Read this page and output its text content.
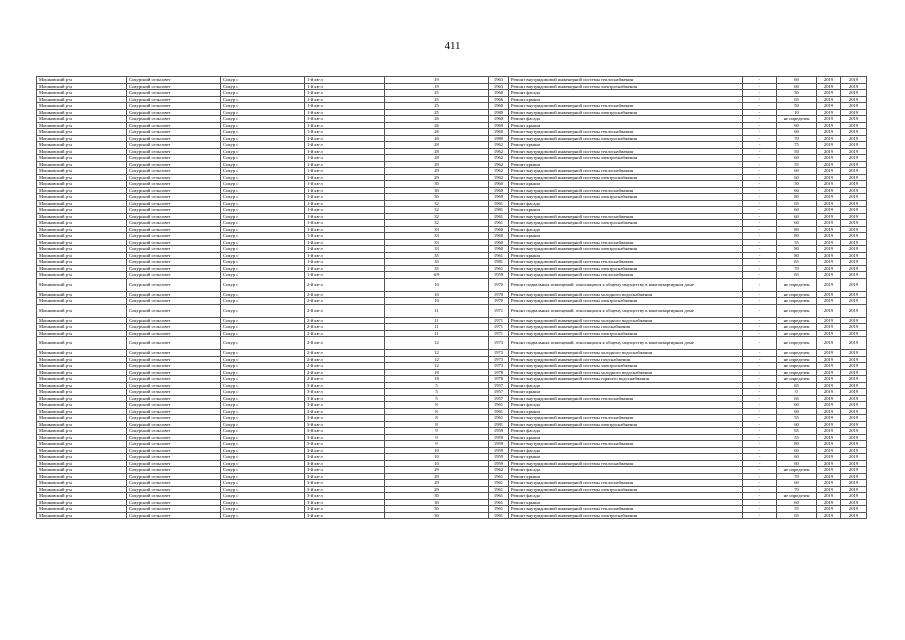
411
Мошковский р-н	Сокурский сельсовет	Сокур с	1-й кв-л	19	1963	Ремонт внутридомовой инженерной системы теплоснабжения	-	60	2019	2019
Мошковский р-н	Сокурский сельсовет	Сокур с	1-й кв-л	19	1963	Ремонт внутридомовой инженерной системы электроснабжения	-	60	2019	2019
Мошковский р-н	Сокурский сельсовет	Сокур с	1-й кв-л	25	1960	Ремонт фасада	-	30	2019	2019
Мошковский р-н	Сокурский сельсовет	Сокур с	1-й кв-л	25	1966	Ремонт крыши	-	65	2019	2019
Мошковский р-н	Сокурский сельсовет	Сокур с	1-й кв-л	25	1960	Ремонт внутридомовой инженерной системы теплоснабжения	-	50	2019	2019
Мошковский р-н	Сокурский сельсовет	Сокур с	1-й кв-л	25	1980	Ремонт внутридомовой инженерной системы электроснабжения	-	10	2019	2019
Мошковский р-н	Сокурский сельсовет	Сокур с	1-й кв-л	26	1960	Ремонт фасада	-	не определен	2019	2019
Мошковский р-н	Сокурский сельсовет	Сокур с	1-й кв-л	26	1969	Ремонт крыши	-	60	2019	2019
Мошковский р-н	Сокурский сельсовет	Сокур с	1-й кв-л	26	1960	Ремонт внутридомовой инженерной системы теплоснабжения	-	60	2019	2019
Мошковский р-н	Сокурский сельсовет	Сокур с	1-й кв-л	26	1980	Ремонт внутридомовой инженерной системы электроснабжения	-	70	2019	2019
Мошковский р-н	Сокурский сельсовет	Сокур с	1-й кв-л	28	1962	Ремонт крыши	-	75	2019	2019
Мошковский р-н	Сокурский сельсовет	Сокур с	1-й кв-л	28	1962	Ремонт внутридомовой инженерной системы теплоснабжения	-	50	2019	2019
Мошковский р-н	Сокурский сельсовет	Сокур с	1-й кв-л	28	1962	Ремонт внутридомовой инженерной системы электроснабжения	-	60	2019	2019
Мошковский р-н	Сокурский сельсовет	Сокур с	1-й кв-л	29	1962	Ремонт крыши	-	55	2019	2019
Мошковский р-н	Сокурский сельсовет	Сокур с	1-й кв-л	29	1962	Ремонт внутридомовой инженерной системы теплоснабжения	-	60	2019	2019
Мошковский р-н	Сокурский сельсовет	Сокур с	1-й кв-л	29	1962	Ремонт внутридомовой инженерной системы электроснабжения	-	60	2019	2019
Мошковский р-н	Сокурский сельсовет	Сокур с	1-й кв-л	30	1960	Ремонт крыши	-	50	2019	2019
Мошковский р-н	Сокурский сельсовет	Сокур с	1-й кв-л	30	1960	Ремонт внутридомовой инженерной системы теплоснабжения	-	60	2019	2019
Мошковский р-н	Сокурский сельсовет	Сокур с	1-й кв-л	30	1969	Ремонт внутридомовой инженерной системы электроснабжения	-	80	2019	2019
Мошковский р-н	Сокурский сельсовет	Сокур с	1-й кв-л	32	1961	Ремонт фасада	-	65	2019	2019
Мошковский р-н	Сокурский сельсовет	Сокур с	1-й кв-л	32	1981	Ремонт крыши	-	60	2019	2019
Мошковский р-н	Сокурский сельсовет	Сокур с	1-й кв-л	32	1961	Ремонт внутридомовой инженерной системы теплоснабжения	-	60	2019	2019
Мошковский р-н	Сокурский сельсовет	Сокур с	1-й кв-л	32	1961	Ремонт внутридомовой инженерной системы электроснабжения	-	60	2019	2019
Мошковский р-н	Сокурский сельсовет	Сокур с	1-й кв-л	33	1960	Ремонт фасада	-	80	2019	2019
Мошковский р-н	Сокурский сельсовет	Сокур с	1-й кв-л	33	1960	Ремонт крыши	-	80	2019	2019
Мошковский р-н	Сокурский сельсовет	Сокур с	1-й кв-л	33	1960	Ремонт внутридомовой инженерной системы теплоснабжения	-	55	2019	2019
Мошковский р-н	Сокурский сельсовет	Сокур с	1-й кв-л	33	1960	Ремонт внутридомовой инженерной системы электроснабжения	-	80	2019	2019
Мошковский р-н	Сокурский сельсовет	Сокур с	1-й кв-л	35	1961	Ремонт крыши	-	80	2019	2019
Мошковский р-н	Сокурский сельсовет	Сокур с	1-й кв-л	35	1981	Ремонт внутридомовой инженерной системы теплоснабжения	-	65	2019	2019
Мошковский р-н	Сокурский сельсовет	Сокур с	1-й кв-л	35	1961	Ремонт внутридомовой инженерной системы электроснабжения	-	70	2019	2019
Мошковский р-н	Сокурский сельсовет	Сокур с	1-й кв-л	6/9	1959	Ремонт внутридомовой инженерной системы теплоснабжения	-	65	2019	2019
Мошковский р-н	Сокурский сельсовет	Сокур с	2-й кв-л	10	1970	Ремонт подвальных помещений, относящихся к общему имуществу в многоквартирном доме	-	не определен	2019	2019
Мошковский р-н	Сокурский сельсовет	Сокур с	2-й кв-л	10	1970	Ремонт внутридомовой инженерной системы холодного водоснабжения	-	не определен	2019	2019
Мошковский р-н	Сокурский сельсовет	Сокур с	2-й кв-л	10	1970	Ремонт внутридомовой инженерной системы электроснабжения	-	не определен	2019	2019
Мошковский р-н	Сокурский сельсовет	Сокур с	2-й кв-л	11	1971	Ремонт подвальных помещений, относящихся к общему имуществу в многоквартирном доме	-	не определен	2019	2019
Мошковский р-н	Сокурский сельсовет	Сокур с	2-й кв-л	11	1971	Ремонт внутридомовой инженерной системы холодного водоснабжения	-	не определен	2019	2019
Мошковский р-н	Сокурский сельсовет	Сокур с	2-й кв-л	11	1971	Ремонт внутридомовой инженерной системы газоснабжения	-	не определен	2019	2019
Мошковский р-н	Сокурский сельсовет	Сокур с	2-й кв-л	11	1971	Ремонт внутридомовой инженерной системы электроснабжения	-	не определен	2019	2019
Мошковский р-н	Сокурский сельсовет	Сокур с	2-й кв-л	12	1973	Ремонт подвальных помещений, относящихся к общему имуществу в многоквартирном доме	-	не определен	2019	2019
Мошковский р-н	Сокурский сельсовет	Сокур с	2-й кв-л	12	1973	Ремонт внутридомовой инженерной системы холодного водоснабжения	-	не определен	2019	2019
Мошковский р-н	Сокурский сельсовет	Сокур с	2-й кв-л	12	1973	Ремонт внутридомовой инженерной системы газоснабжения	-	не определен	2019	2019
Мошковский р-н	Сокурский сельсовет	Сокур с	2-й кв-л	12	1973	Ремонт внутридомовой инженерной системы электроснабжения	-	не определен	2019	2019
Мошковский р-н	Сокурский сельсовет	Сокур с	2-й кв-л	18	1978	Ремонт внутридомовой инженерной системы холодного водоснабжения	-	не определен	2019	2019
Мошковский р-н	Сокурский сельсовет	Сокур с	2-й кв-л	18	1978	Ремонт внутридомовой инженерной системы горячего водоснабжения	-	не определен	2019	2019
Мошковский р-н	Сокурский сельсовет	Сокур с	3-й кв-л	5	1957	Ремонт фасада	-	65	2019	2019
Мошковский р-н	Сокурский сельсовет	Сокур с	3-й кв-л	5	1957	Ремонт крыши	-	0	2019	2019
Мошковский р-н	Сокурский сельсовет	Сокур с	3-й кв-л	5	1957	Ремонт внутридомовой инженерной системы теплоснабжения	-	65	2019	2019
Мошковский р-н	Сокурский сельсовет	Сокур с	3-й кв-л	8	1961	Ремонт фасада	-	60	2019	2019
Мошковский р-н	Сокурский сельсовет	Сокур с	3-й кв-л	8	1961	Ремонт крыши	-	60	2019	2019
Мошковский р-н	Сокурский сельсовет	Сокур с	3-й кв-л	8	1961	Ремонт внутридомовой инженерной системы теплоснабжения	-	55	2019	2019
Мошковский р-н	Сокурский сельсовет	Сокур с	3-й кв-л	8	1981	Ремонт внутридомовой инженерной системы электроснабжения	-	60	2019	2019
Мошковский р-н	Сокурский сельсовет	Сокур с	3-й кв-л	9	1959	Ремонт фасада	-	65	2019	2019
Мошковский р-н	Сокурский сельсовет	Сокур с	3-й кв-л	9	1959	Ремонт крыши	-	55	2019	2019
Мошковский р-н	Сокурский сельсовет	Сокур с	3-й кв-л	9	1959	Ремонт внутридомовой инженерной системы теплоснабжения	-	80	2019	2019
Мошковский р-н	Сокурский сельсовет	Сокур с	3-й кв-л	10	1959	Ремонт фасада	-	60	2019	2019
Мошковский р-н	Сокурский сельсовет	Сокур с	3-й кв-л	10	1959	Ремонт крыши	-	60	2019	2019
Мошковский р-н	Сокурский сельсовет	Сокур с	3-й кв-л	10	1959	Ремонт внутридомовой инженерной системы теплоснабжения	-	60	2019	2019
Мошковский р-н	Сокурский сельсовет	Сокур с	3-й кв-л	29	1962	Ремонт фасада	-	не определен	2019	2019
Мошковский р-н	Сокурский сельсовет	Сокур с	3-й кв-л	29	1961	Ремонт крыши	-	70	2019	2019
Мошковский р-н	Сокурский сельсовет	Сокур с	3-й кв-л	29	1961	Ремонт внутридомовой инженерной системы теплоснабжения	-	60	2019	2019
Мошковский р-н	Сокурский сельсовет	Сокур с	3-й кв-л	29	1961	Ремонт внутридомовой инженерной системы электроснабжения	-	70	2019	2019
Мошковский р-н	Сокурский сельсовет	Сокур с	3-й кв-л	30	1961	Ремонт фасада	-	не определен	2019	2019
Мошковский р-н	Сокурский сельсовет	Сокур с	3-й кв-л	30	1961	Ремонт крыши	-	60	2019	2019
Мошковский р-н	Сокурский сельсовет	Сокур с	3-й кв-л	30	1961	Ремонт внутридомовой инженерной системы теплоснабжения	-	55	2019	2019
Мошковский р-н	Сокурский сельсовет	Сокур с	3-й кв-л	30	1961	Ремонт внутридомовой инженерной системы электроснабжения	-	65	2019	2019
